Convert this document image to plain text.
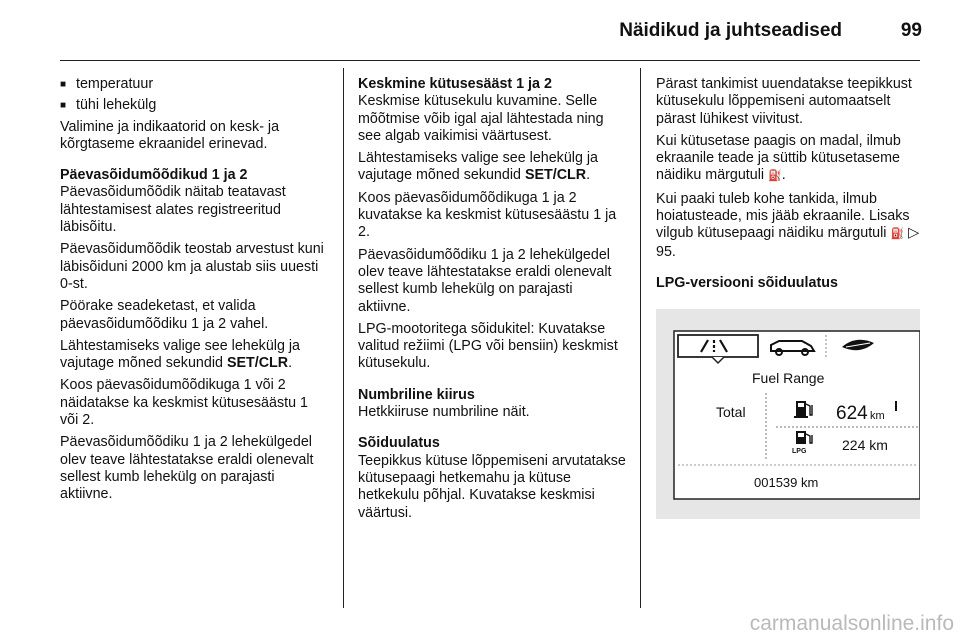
Näidikud ja juhtseadised	99

■ temperatuur

■ tühi lehekülg

Valimine ja indikaatorid on kesk- ja kõrgtaseme ekraanidel erinevad.

Päevasõidumõõdikud 1 ja 2

Päevasõidumõõdik näitab teatavast lähtestamisest alates registreeritud läbisõitu.

Päevasõidumõõdik teostab arvestust kuni läbisõiduni 2000 km ja alustab siis uuesti 0-st.

Pöörake seadeketast, et valida päevasõidumõõdiku 1 ja 2 vahel.

Lähtestamiseks valige see lehekülg ja vajutage mõned sekundid SET/CLR.

Koos päevasõidumõõdikuga 1 või 2 näidatakse ka keskmist kütusesäästu 1 või 2.

Päevasõidumõõdiku 1 ja 2 lehekülgedel olev teave lähtestatakse eraldi olenevalt sellest kumb lehekülg on parajasti aktiivne.

Keskmine kütusesääst 1 ja 2

Keskmise kütusekulu kuvamine. Selle mõõtmise võib igal ajal lähtestada ning see algab vaikimisi väärtusest.

Lähtestamiseks valige see lehekülg ja vajutage mõned sekundid SET/CLR.

Koos päevasõidumõõdikuga 1 ja 2 kuvatakse ka keskmist kütusesäästu 1 ja 2.

Päevasõidumõõdiku 1 ja 2 lehekülgedel olev teave lähtestatakse eraldi olenevalt sellest kumb lehekülg on parajasti aktiivne.

LPG-mootoritega sõidukitel: Kuvatakse valitud režiimi (LPG või bensiin) keskmist kütusekulu.

Numbriline kiirus

Hetkkiiruse numbriline näit.

Sõiduulatus

Teepikkus kütuse lõppemiseni arvutatakse kütusepaagi hetkemahu ja kütuse hetkekulu põhjal. Kuvatakse keskmisi väärtusi.

Pärast tankimist uuendatakse teepikkust kütusekulu lõppemiseni automaatselt pärast lühikest viivitust.

Kui kütusetase paagis on madal, ilmub ekraanile teade ja süttib kütusetaseme näidiku märgutuli ⛽.

Kui paaki tuleb kohe tankida, ilmub hoiatusteade, mis jääb ekraanile. Lisaks vilgub kütusepaagi näidiku märgutuli ⛽ ▷ 95.

LPG-versiooni sõiduulatus

Fuel Range
Total	624 km
LPG	224 km
001539 km
carmanualsonline.info
